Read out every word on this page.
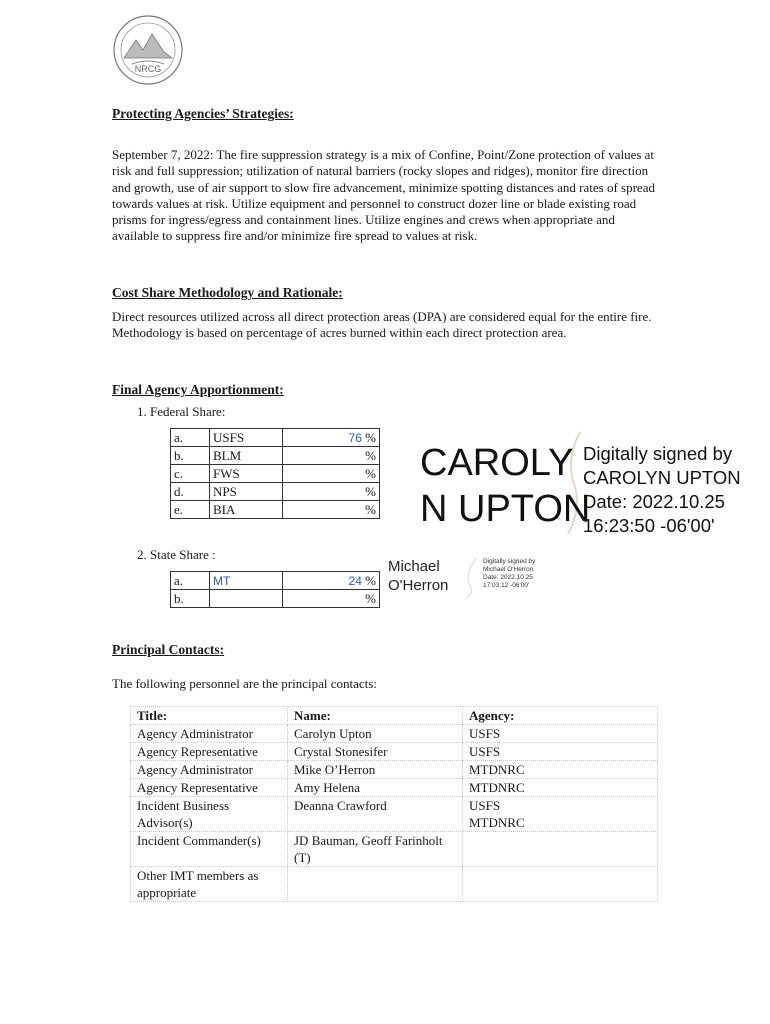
NRCG
Protecting Agencies’ Strategies:
September 7, 2022: The fire suppression strategy is a mix of Confine, Point/Zone protection of values at risk and full suppression; utilization of natural barriers (rocky slopes and ridges), monitor fire direction and growth, use of air support to slow fire advancement, minimize spotting distances and rates of spread towards values at risk. Utilize equipment and personnel to construct dozer line or blade existing road prisms for ingress/egress and containment lines. Utilize engines and crews when appropriate and available to suppress fire and/or minimize fire spread to values at risk.
Cost Share Methodology and Rationale:
Direct resources utilized across all direct protection areas (DPA) are considered equal for the entire fire. Methodology is based on percentage of acres burned within each direct protection area.
Final Agency Apportionment:
1. Federal Share:
a.	USFS	76 %
b.	BLM	%
c.	FWS	%
d.	NPS	%
e.	BIA	%
2. State Share :
a.	MT	24 %
b.		%
CAROLY
N UPTON
Digitally signed by
CAROLYN UPTON
Date: 2022.10.25
16:23:50 -06'00'
Michael
O'Herron
Digitally signed by
Michael O'Herron
Date: 2022.10.25
17:03:12 -06'00'
Principal Contacts:
The following personnel are the principal contacts:
Title:	Name:	Agency:
Agency Administrator	Carolyn Upton	USFS
Agency Representative	Crystal Stonesifer	USFS
Agency Administrator	Mike O’Herron	MTDNRC
Agency Representative	Amy Helena	MTDNRC
Incident Business Advisor(s)	Deanna Crawford	USFS
MTDNRC
Incident Commander(s)	JD Bauman, Geoff Farinholt (T)	
Other IMT members as appropriate		
